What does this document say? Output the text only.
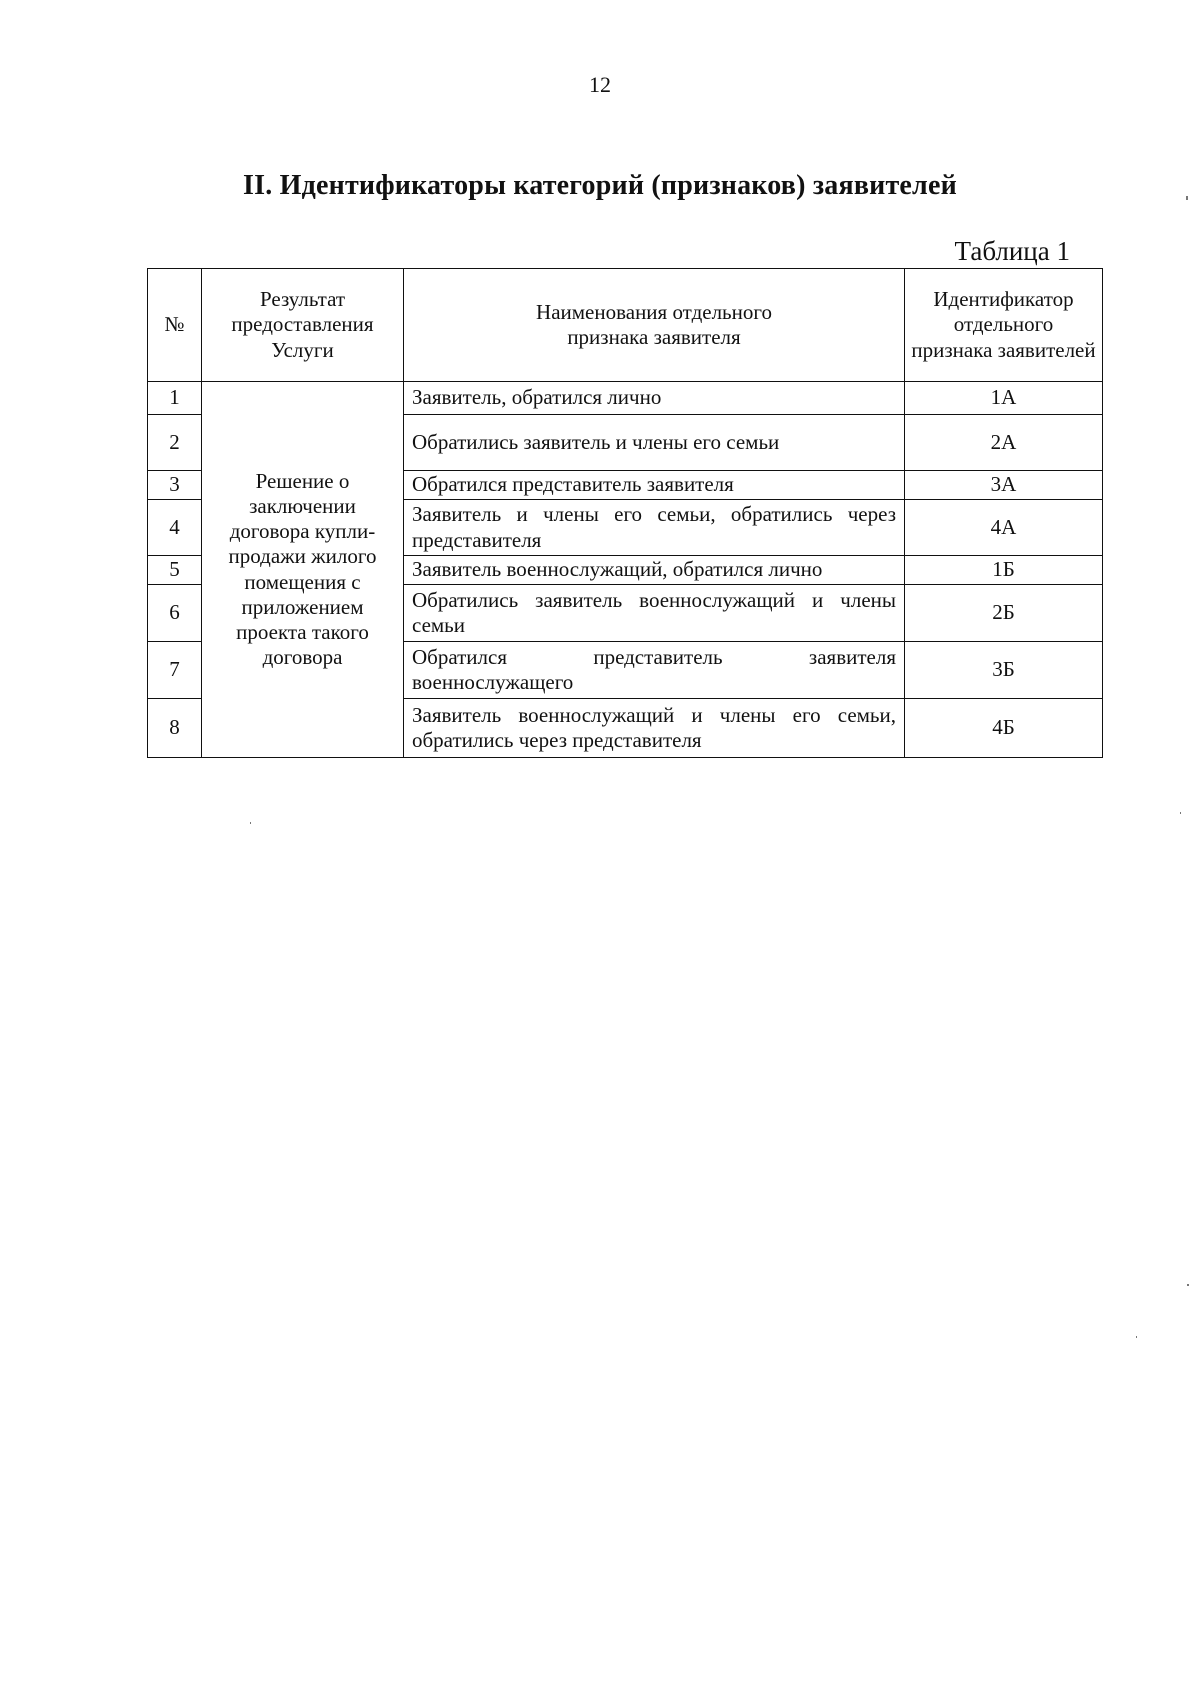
12
II. Идентификаторы категорий (признаков) заявителей
Таблица 1
№	Результат предоставления Услуги	Наименования отдельного признака заявителя	Идентификатор отдельного признака заявителей
1	Решение о заключении договора купли-продажи жилого помещения с приложением проекта такого договора	Заявитель, обратился лично	1А
2		Обратились заявитель и члены его семьи	2А
3		Обратился представитель заявителя	3А
4		Заявитель и члены его семьи, обратились через представителя	4А
5		Заявитель военнослужащий, обратился лично	1Б
6		Обратились заявитель военнослужащий и члены семьи	2Б
7		Обратился представитель заявителя военнослужащего	3Б
8		Заявитель военнослужащий и члены его семьи, обратились через представителя	4Б
